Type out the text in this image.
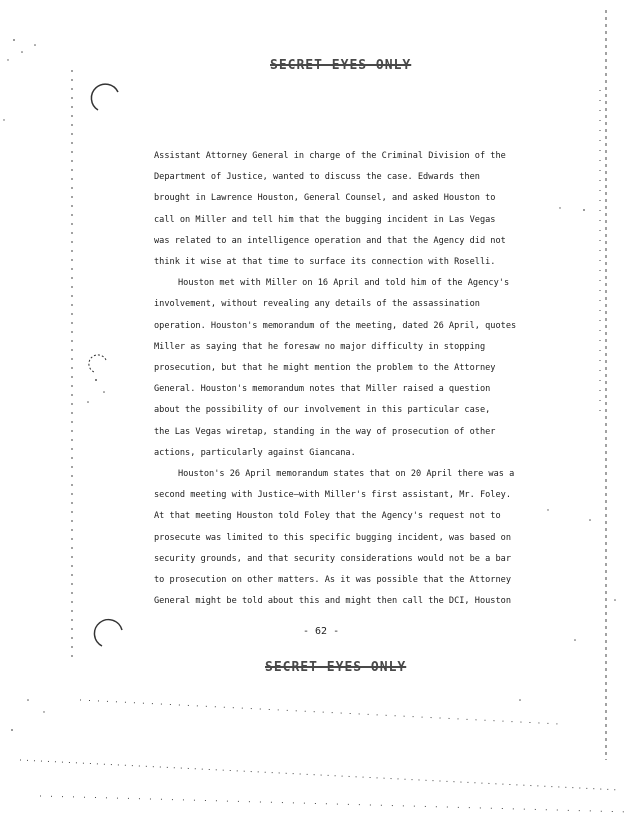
SECRET EYES ONLY

Assistant Attorney General in charge of the Criminal Division of the
Department of Justice, wanted to discuss the case. Edwards then
brought in Lawrence Houston, General Counsel, and asked Houston to
call on Miller and tell him that the bugging incident in Las Vegas
was related to an intelligence operation and that the Agency did not
think it wise at that time to surface its connection with Roselli.

Houston met with Miller on 16 April and told him of the Agency's
involvement, without revealing any details of the assassination
operation. Houston's memorandum of the meeting, dated 26 April, quotes
Miller as saying that he foresaw no major difficulty in stopping
prosecution, but that he might mention the problem to the Attorney
General. Houston's memorandum notes that Miller raised a question
about the possibility of our involvement in this particular case,
the Las Vegas wiretap, standing in the way of prosecution of other
actions, particularly against Giancana.

Houston's 26 April memorandum states that on 20 April there was a
second meeting with Justice—with Miller's first assistant, Mr. Foley.
At that meeting Houston told Foley that the Agency's request not to
prosecute was limited to this specific bugging incident, was based on
security grounds, and that security considerations would not be a bar
to prosecution on other matters. As it was possible that the Attorney
General might be told about this and might then call the DCI, Houston

- 62 -
SECRET EYES ONLY
